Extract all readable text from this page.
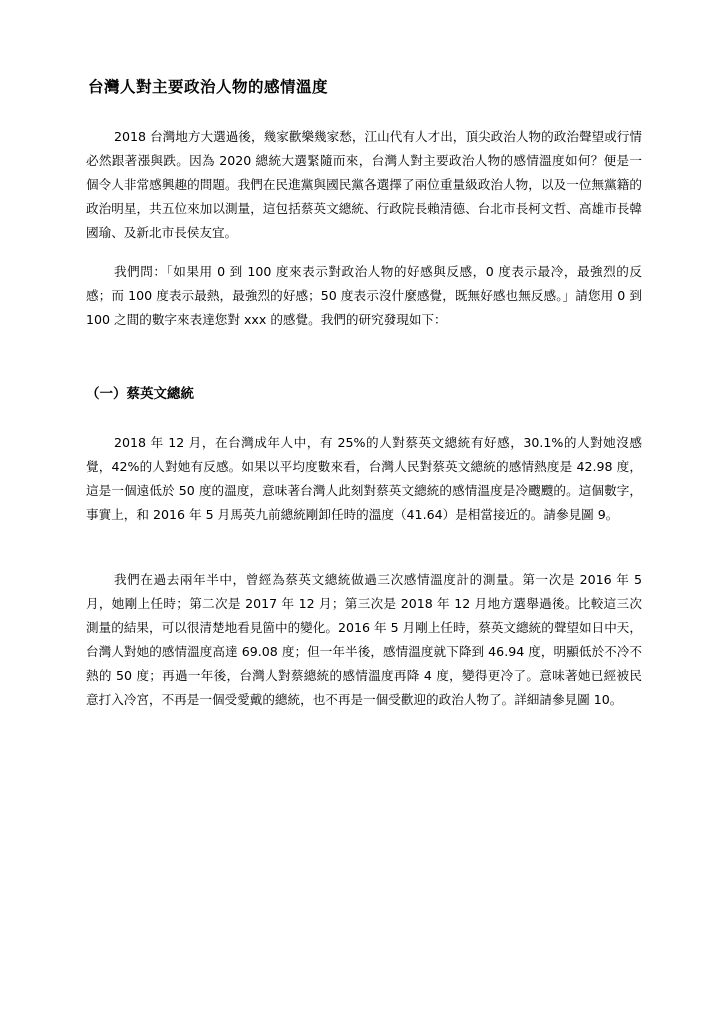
台灣人對主要政治人物的感情溫度

2018 台灣地方大選過後，幾家歡樂幾家愁，江山代有人才出，頂尖政治人物的政治聲望或行情必然跟著漲與跌。因為 2020 總統大選緊隨而來，台灣人對主要政治人物的感情溫度如何？便是一個令人非常感興趣的問題。我們在民進黨與國民黨各選擇了兩位重量級政治人物，以及一位無黨籍的政治明星，共五位來加以測量，這包括蔡英文總統、行政院長賴清德、台北市長柯文哲、高雄市長韓國瑜、及新北市長侯友宜。

我們問：「如果用 0 到 100 度來表示對政治人物的好感與反感，0 度表示最冷，最強烈的反感；而 100 度表示最熱，最強烈的好感；50 度表示沒什麼感覺，既無好感也無反感。」請您用 0 到 100 之間的數字來表達您對 xxx 的感覺。我們的研究發現如下：

（一）蔡英文總統

2018 年 12 月，在台灣成年人中，有 25%的人對蔡英文總統有好感，30.1%的人對她沒感覺，42%的人對她有反感。如果以平均度數來看，台灣人民對蔡英文總統的感情熱度是 42.98 度，這是一個遠低於 50 度的溫度，意味著台灣人此刻對蔡英文總統的感情溫度是冷颼颼的。這個數字，事實上，和 2016 年 5 月馬英九前總統剛卸任時的溫度（41.64）是相當接近的。請參見圖 9。

我們在過去兩年半中，曾經為蔡英文總統做過三次感情溫度計的測量。第一次是 2016 年 5 月，她剛上任時；第二次是 2017 年 12 月；第三次是 2018 年 12 月地方選舉過後。比較這三次測量的結果，可以很清楚地看見箇中的變化。2016 年 5 月剛上任時，蔡英文總統的聲望如日中天，台灣人對她的感情溫度高達 69.08 度；但一年半後，感情溫度就下降到 46.94 度，明顯低於不冷不熱的 50 度；再過一年後，台灣人對蔡總統的感情溫度再降 4 度，變得更冷了。意味著她已經被民意打入冷宮，不再是一個受愛戴的總統，也不再是一個受歡迎的政治人物了。詳細請參見圖 10。
